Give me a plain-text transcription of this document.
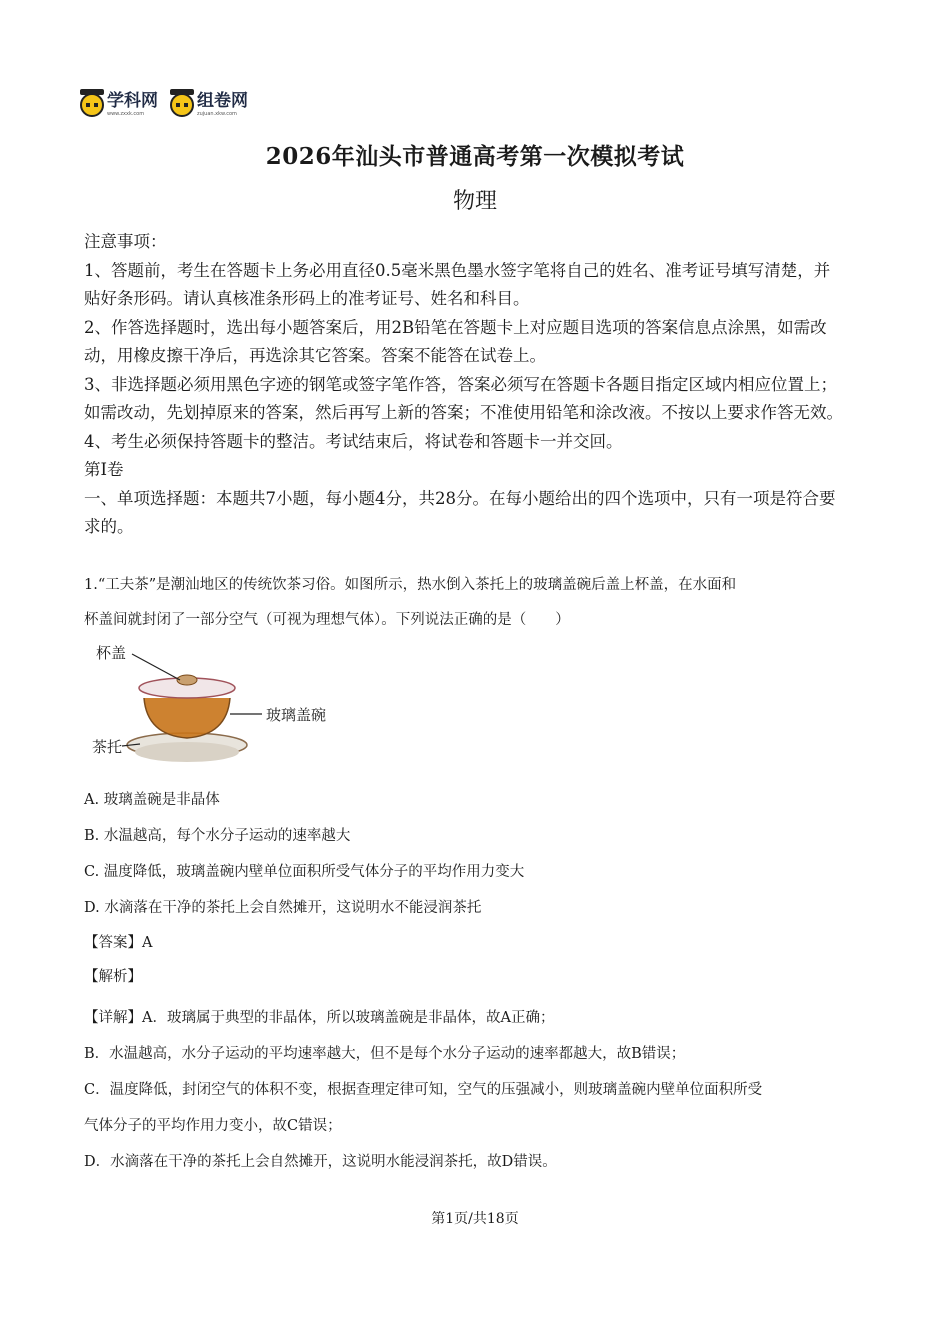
学科网
www.zxxk.com
组卷网
zujuan.xkw.com
2026年汕头市普通高考第一次模拟考试
物理

注意事项：

1、答题前，考生在答题卡上务必用直径0.5毫米黑色墨水签字笔将自己的姓名、准考证号填写清楚，并贴好条形码。请认真核准条形码上的准考证号、姓名和科目。

2、作答选择题时，选出每小题答案后，用2B铅笔在答题卡上对应题目选项的答案信息点涂黑，如需改动，用橡皮擦干净后，再选涂其它答案。答案不能答在试卷上。

3、非选择题必须用黑色字迹的钢笔或签字笔作答，答案必须写在答题卡各题目指定区域内相应位置上；如需改动，先划掉原来的答案，然后再写上新的答案；不准使用铅笔和涂改液。不按以上要求作答无效。

4、考生必须保持答题卡的整洁。考试结束后，将试卷和答题卡一并交回。

第Ⅰ卷

一、单项选择题：本题共7小题，每小题4分，共28分。在每小题给出的四个选项中，只有一项是符合要求的。

1.“工夫茶”是潮汕地区的传统饮茶习俗。如图所示，热水倒入茶托上的玻璃盖碗后盖上杯盖，在水面和

杯盖间就封闭了一部分空气（可视为理想气体）。下列说法正确的是（　　）

杯盖
玻璃盖碗
茶托

A. 玻璃盖碗是非晶体

B. 水温越高，每个水分子运动的速率越大

C. 温度降低，玻璃盖碗内壁单位面积所受气体分子的平均作用力变大

D. 水滴落在干净的茶托上会自然摊开，这说明水不能浸润茶托

【答案】A

【解析】

【详解】A．玻璃属于典型的非晶体，所以玻璃盖碗是非晶体，故A正确；

B．水温越高，水分子运动的平均速率越大，但不是每个水分子运动的速率都越大，故B错误；

C．温度降低，封闭空气的体积不变，根据查理定律可知，空气的压强减小，则玻璃盖碗内壁单位面积所受

气体分子的平均作用力变小，故C错误；

D．水滴落在干净的茶托上会自然摊开，这说明水能浸润茶托，故D错误。

第1页/共18页
